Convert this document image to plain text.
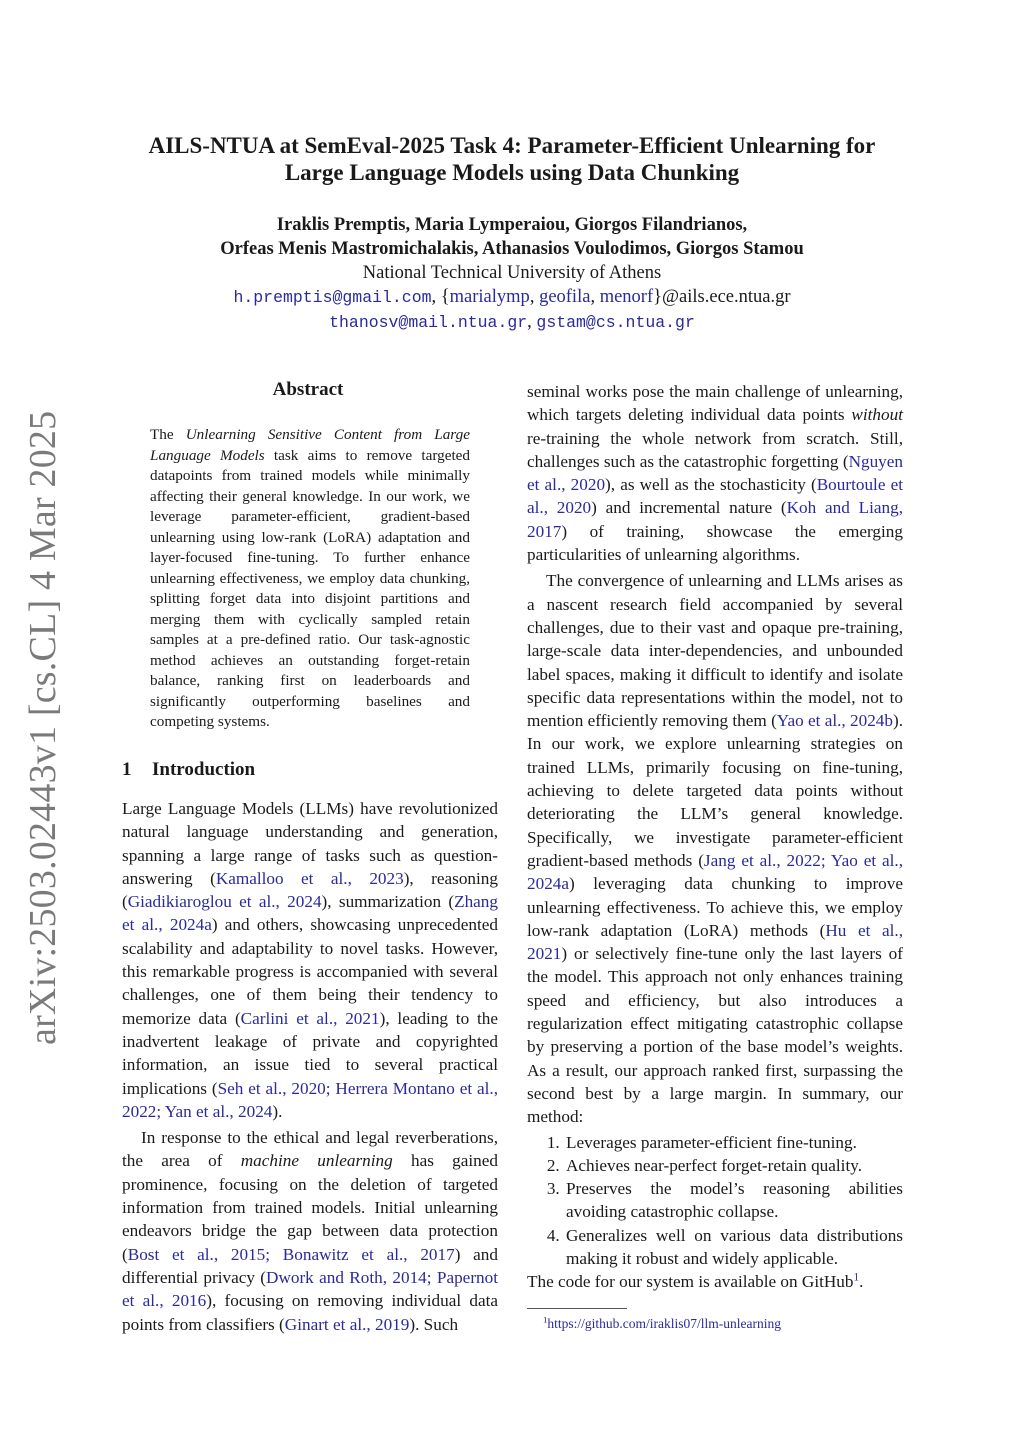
AILS-NTUA at SemEval-2025 Task 4: Parameter-Efficient Unlearning for
Large Language Models using Data Chunking
Iraklis Premptis, Maria Lymperaiou, Giorgos Filandrianos,
Orfeas Menis Mastromichalakis, Athanasios Voulodimos, Giorgos Stamou
National Technical University of Athens
h.premptis@gmail.com, {marialymp, geofila, menorf}@ails.ece.ntua.gr
thanosv@mail.ntua.gr, gstam@cs.ntua.gr
arXiv:2503.02443v1 [cs.CL] 4 Mar 2025
Abstract
The Unlearning Sensitive Content from Large Language Models task aims to remove targeted datapoints from trained models while minimally affecting their general knowledge. In our work, we leverage parameter-efficient, gradient-based unlearning using low-rank (LoRA) adaptation and layer-focused fine-tuning. To further enhance unlearning effectiveness, we employ data chunking, splitting forget data into disjoint partitions and merging them with cyclically sampled retain samples at a pre-defined ratio. Our task-agnostic method achieves an outstanding forget-retain balance, ranking first on leaderboards and significantly outperforming baselines and competing systems.
1 Introduction

Large Language Models (LLMs) have revolutionized natural language understanding and generation, spanning a large range of tasks such as question-answering (Kamalloo et al., 2023), reasoning (Giadikiaroglou et al., 2024), summarization (Zhang et al., 2024a) and others, showcasing unprecedented scalability and adaptability to novel tasks. However, this remarkable progress is accompanied with several challenges, one of them being their tendency to memorize data (Carlini et al., 2021), leading to the inadvertent leakage of private and copyrighted information, an issue tied to several practical implications (Seh et al., 2020; Herrera Montano et al., 2022; Yan et al., 2024).

In response to the ethical and legal reverberations, the area of machine unlearning has gained prominence, focusing on the deletion of targeted information from trained models. Initial unlearning endeavors bridge the gap between data protection (Bost et al., 2015; Bonawitz et al., 2017) and differential privacy (Dwork and Roth, 2014; Papernot et al., 2016), focusing on removing individual data points from classifiers (Ginart et al., 2019). Such

seminal works pose the main challenge of unlearning, which targets deleting individual data points without re-training the whole network from scratch. Still, challenges such as the catastrophic forgetting (Nguyen et al., 2020), as well as the stochasticity (Bourtoule et al., 2020) and incremental nature (Koh and Liang, 2017) of training, showcase the emerging particularities of unlearning algorithms.

The convergence of unlearning and LLMs arises as a nascent research field accompanied by several challenges, due to their vast and opaque pre-training, large-scale data inter-dependencies, and unbounded label spaces, making it difficult to identify and isolate specific data representations within the model, not to mention efficiently removing them (Yao et al., 2024b). In our work, we explore unlearning strategies on trained LLMs, primarily focusing on fine-tuning, achieving to delete targeted data points without deteriorating the LLM’s general knowledge. Specifically, we investigate parameter-efficient gradient-based methods (Jang et al., 2022; Yao et al., 2024a) leveraging data chunking to improve unlearning effectiveness. To achieve this, we employ low-rank adaptation (LoRA) methods (Hu et al., 2021) or selectively fine-tune only the last layers of the model. This approach not only enhances training speed and efficiency, but also introduces a regularization effect mitigating catastrophic collapse by preserving a portion of the base model’s weights. As a result, our approach ranked first, surpassing the second best by a large margin. In summary, our method:

1. Leverages parameter-efficient fine-tuning.
2. Achieves near-perfect forget-retain quality.
3. Preserves the model’s reasoning abilities avoiding catastrophic collapse.
4. Generalizes well on various data distributions making it robust and widely applicable.

The code for our system is available on GitHub$^1$.

$^1$https://github.com/iraklis07/llm-unlearning
